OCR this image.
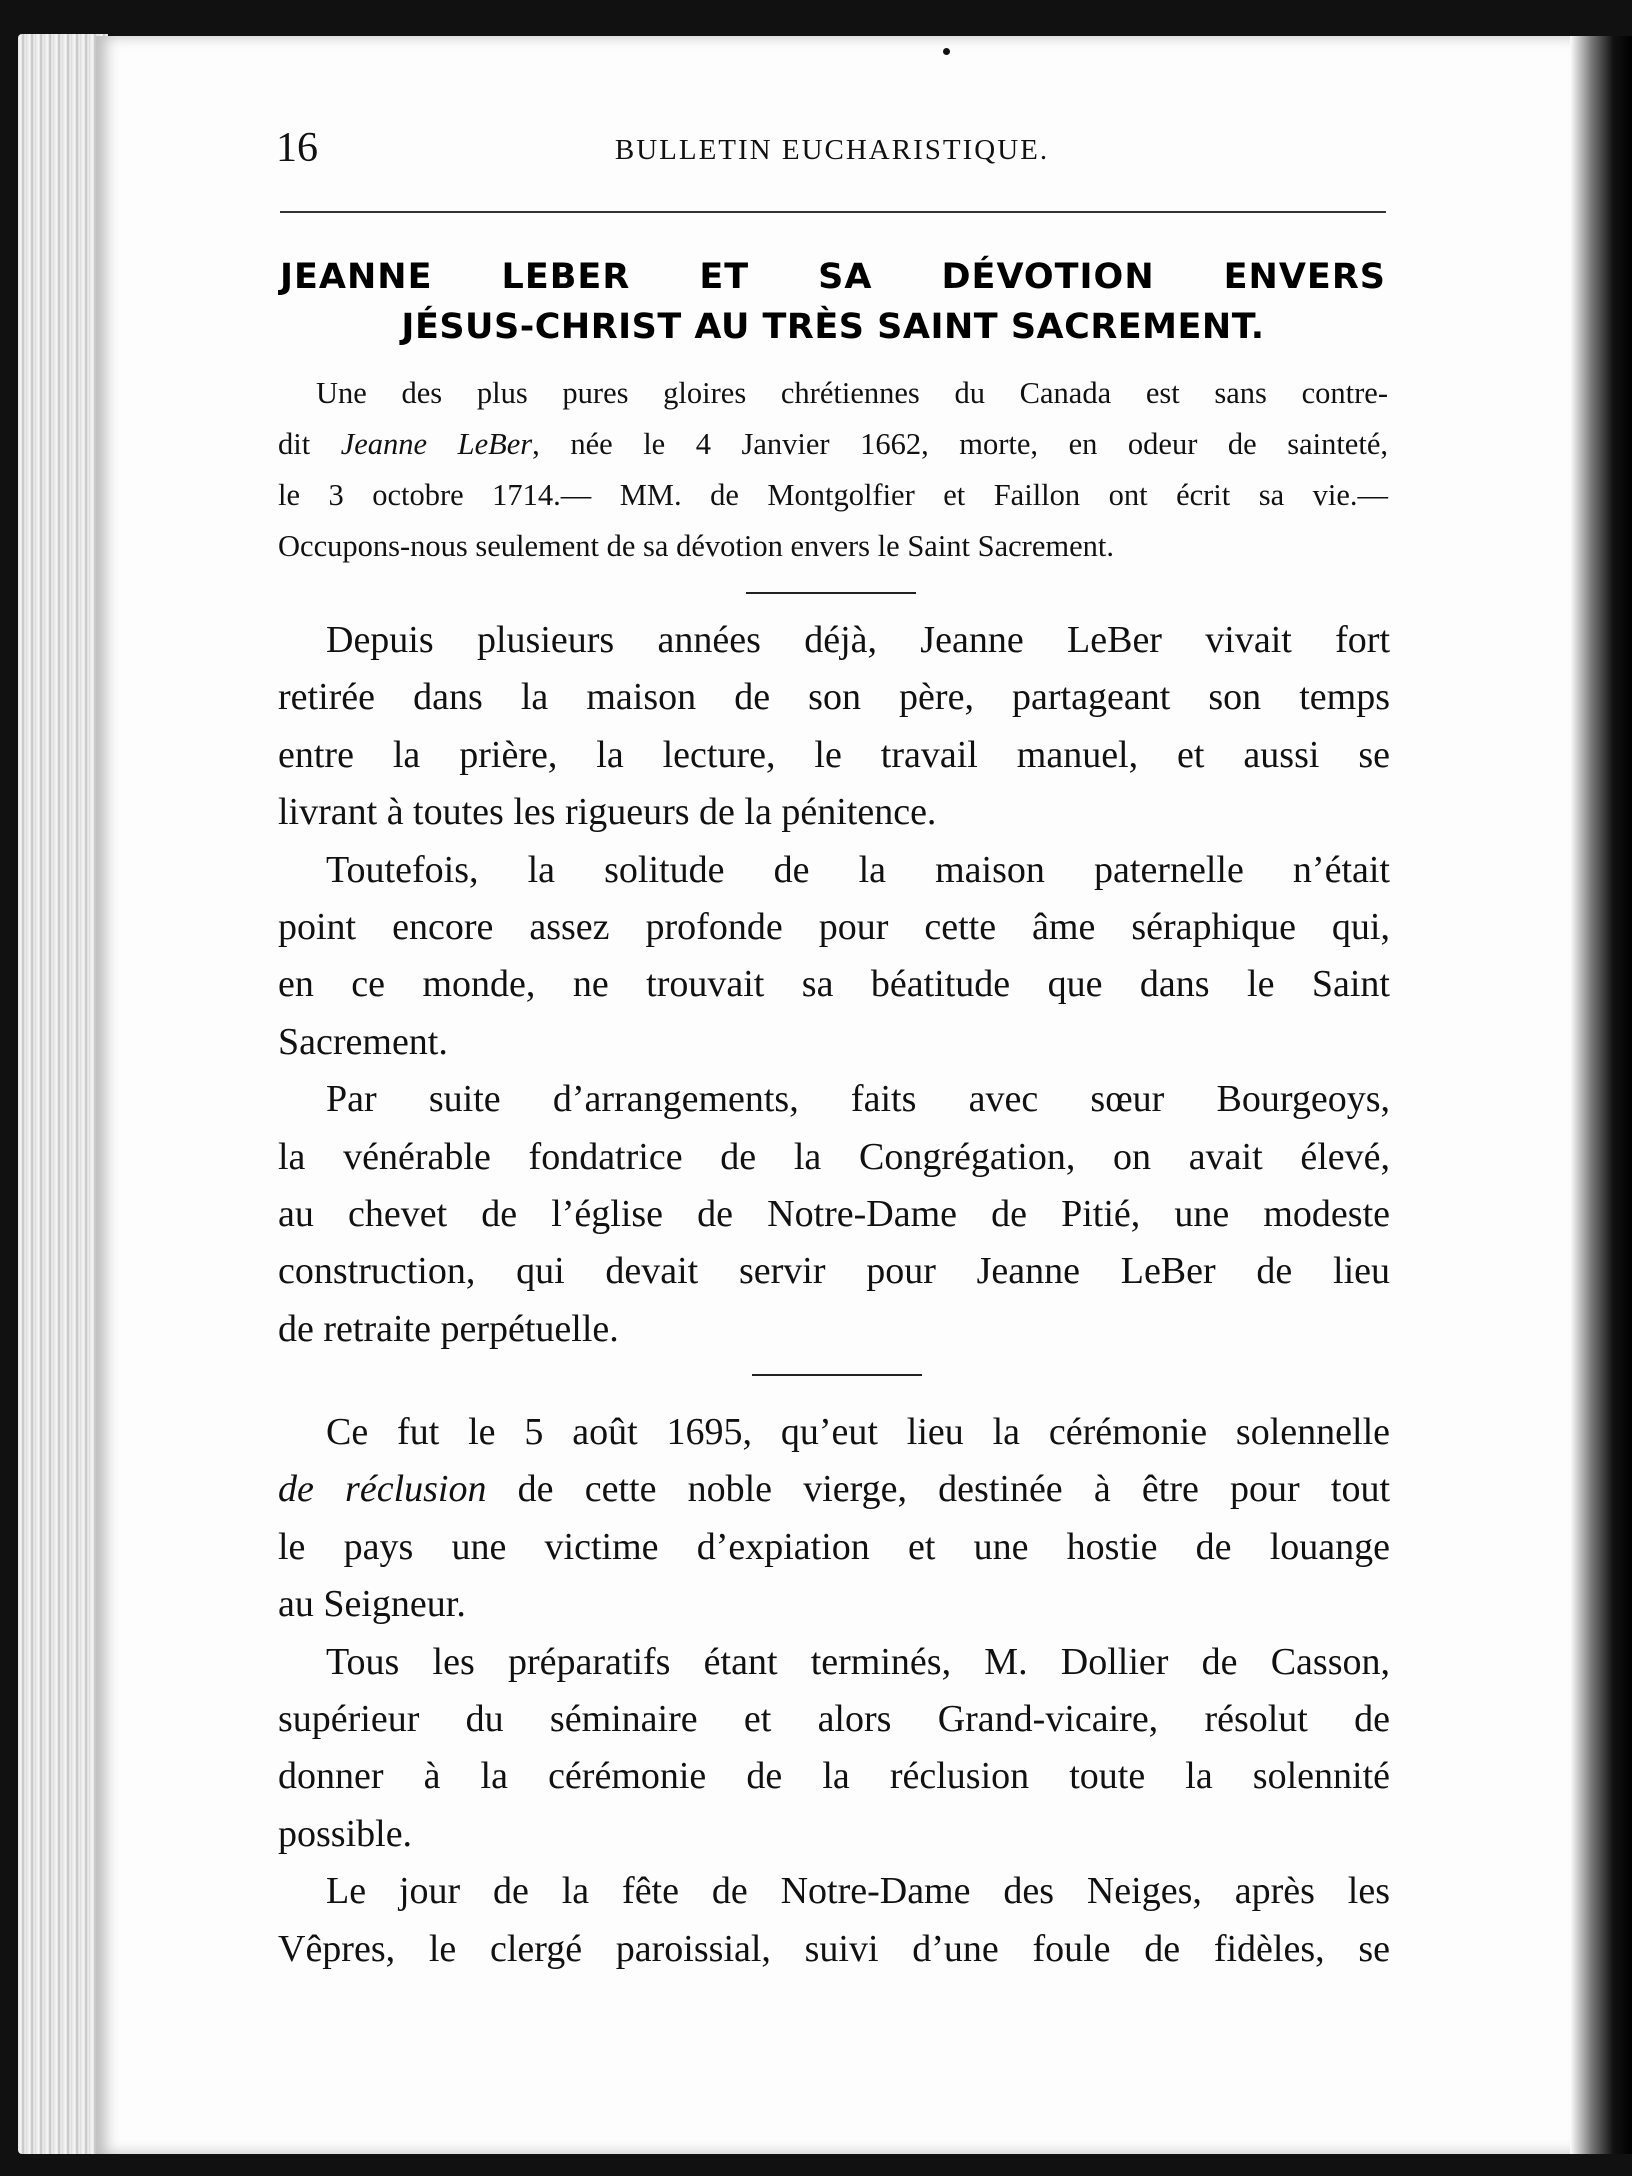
16	BULLETIN EUCHARISTIQUE.
JEANNE LEBER ET SA DÉVOTION ENVERS
JÉSUS-CHRIST AU TRÈS SAINT SACREMENT.
Une des plus pures gloires chrétiennes du Canada est sans contre-
dit Jeanne LeBer, née le 4 Janvier 1662, morte, en odeur de sainteté,
le 3 octobre 1714.— MM. de Montgolfier et Faillon ont écrit sa vie.—
Occupons-nous seulement de sa dévotion envers le Saint Sacrement.
Depuis plusieurs années déjà, Jeanne LeBer vivait fort
retirée dans la maison de son père, partageant son temps
entre la prière, la lecture, le travail manuel, et aussi se
livrant à toutes les rigueurs de la pénitence.
Toutefois, la solitude de la maison paternelle n’était
point encore assez profonde pour cette âme séraphique qui,
en ce monde, ne trouvait sa béatitude que dans le Saint
Sacrement.
Par suite d’arrangements, faits avec sœur Bourgeoys,
la vénérable fondatrice de la Congrégation, on avait élevé,
au chevet de l’église de Notre-Dame de Pitié, une modeste
construction, qui devait servir pour Jeanne LeBer de lieu
de retraite perpétuelle.
Ce fut le 5 août 1695, qu’eut lieu la cérémonie solennelle
de réclusion de cette noble vierge, destinée à être pour tout
le pays une victime d’expiation et une hostie de louange
au Seigneur.
Tous les préparatifs étant terminés, M. Dollier de Casson,
supérieur du séminaire et alors Grand-vicaire, résolut de
donner à la cérémonie de la réclusion toute la solennité
possible.
Le jour de la fête de Notre-Dame des Neiges, après les
Vêpres, le clergé paroissial, suivi d’une foule de fidèles, se
